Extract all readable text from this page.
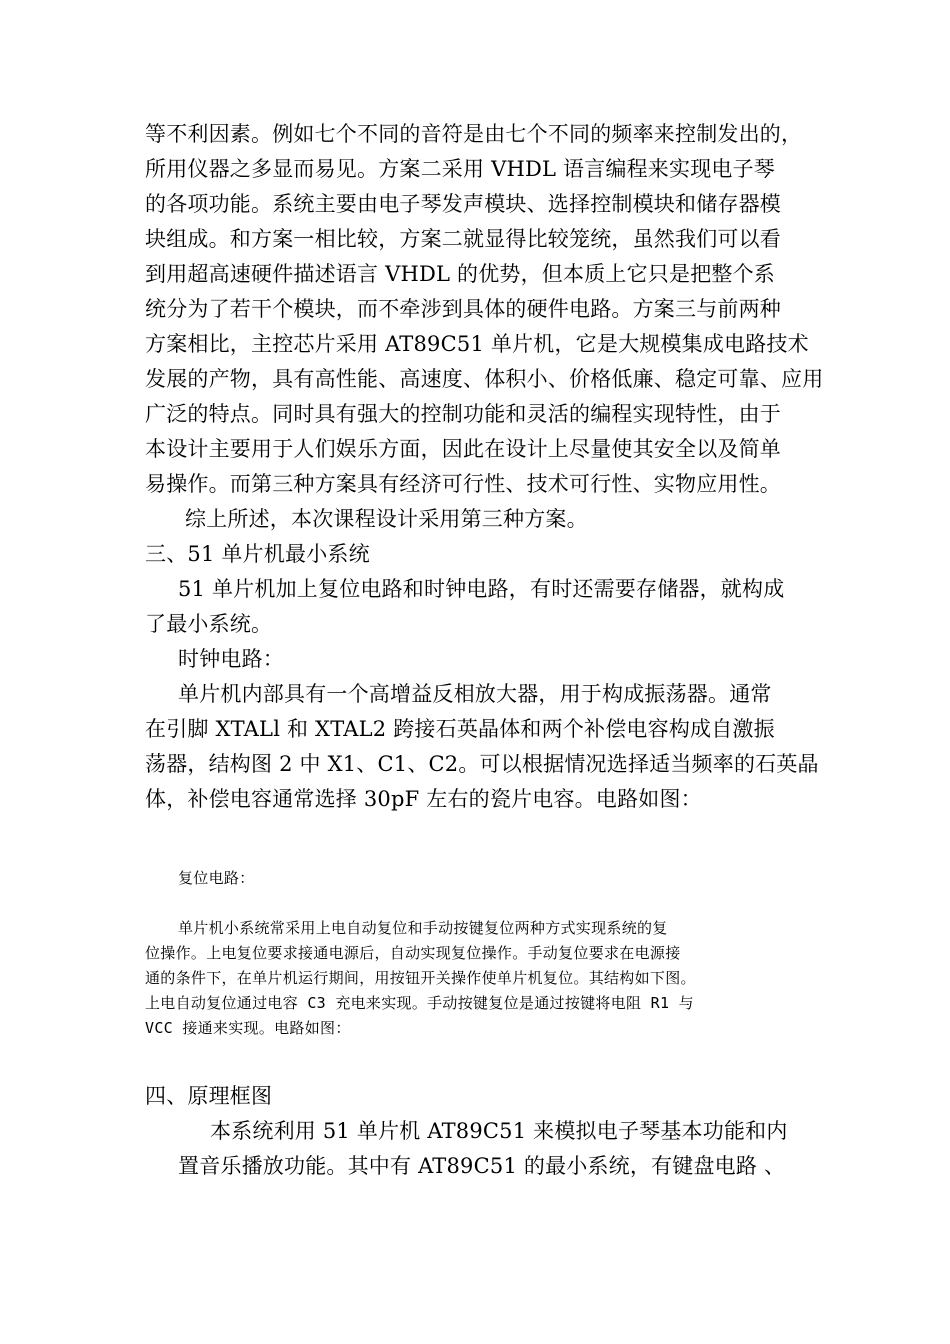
等不利因素。例如七个不同的音符是由七个不同的频率来控制发出的，
所用仪器之多显而易见。方案二采用 VHDL 语言编程来实现电子琴
的各项功能。系统主要由电子琴发声模块、选择控制模块和储存器模
块组成。和方案一相比较，方案二就显得比较笼统，虽然我们可以看
到用超高速硬件描述语言 VHDL 的优势，但本质上它只是把整个系
统分为了若干个模块，而不牵涉到具体的硬件电路。方案三与前两种
方案相比，主控芯片采用 AT89C51 单片机，它是大规模集成电路技术
发展的产物，具有高性能、高速度、体积小、价格低廉、稳定可靠、应用
广泛的特点。同时具有强大的控制功能和灵活的编程实现特性，由于
本设计主要用于人们娱乐方面，因此在设计上尽量使其安全以及简单
易操作。而第三种方案具有经济可行性、技术可行性、实物应用性。
综上所述，本次课程设计采用第三种方案。
三、51 单片机最小系统
51 单片机加上复位电路和时钟电路，有时还需要存储器，就构成
了最小系统。
时钟电路：
单片机内部具有一个高增益反相放大器，用于构成振荡器。通常
在引脚 XTALl 和 XTAL2 跨接石英晶体和两个补偿电容构成自激振
荡器，结构图 2 中 X1、C1、C2。可以根据情况选择适当频率的石英晶
体，补偿电容通常选择 30pF 左右的瓷片电容。电路如图：
复位电路：
单片机小系统常采用上电自动复位和手动按键复位两种方式实现系统的复
位操作。上电复位要求接通电源后，自动实现复位操作。手动复位要求在电源接
通的条件下，在单片机运行期间，用按钮开关操作使单片机复位。其结构如下图。
上电自动复位通过电容 C3 充电来实现。手动按键复位是通过按键将电阻 R1 与
VCC 接通来实现。电路如图：
四、原理框图
本系统利用 51 单片机 AT89C51 来模拟电子琴基本功能和内
置音乐播放功能。其中有 AT89C51 的最小系统，有键盘电路 、
